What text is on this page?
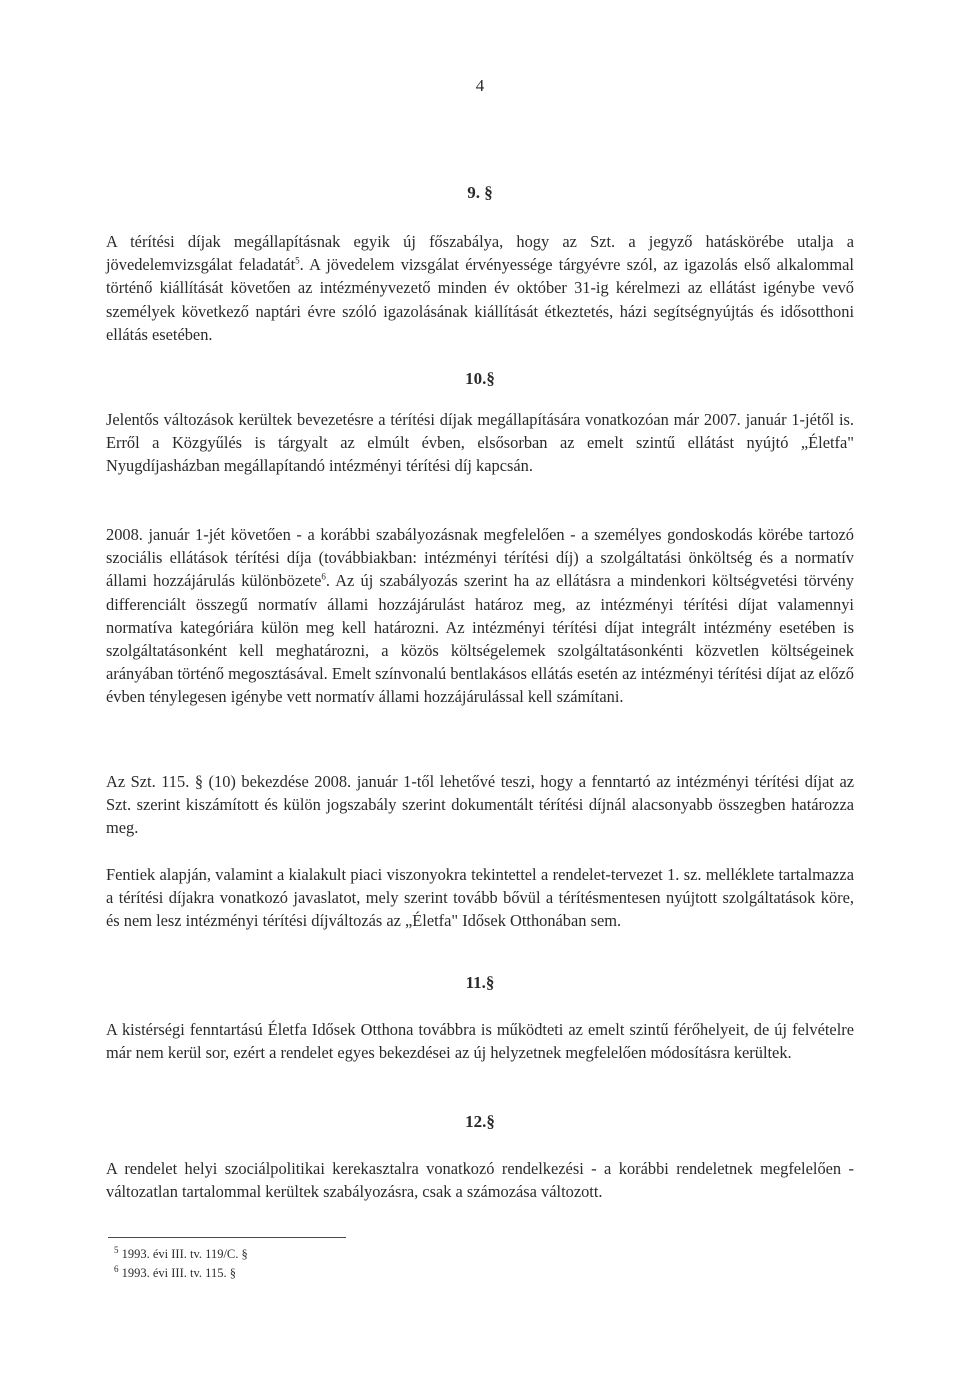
4
9. §

A térítési díjak megállapításnak egyik új főszabálya, hogy az Szt. a jegyző hatáskörébe utalja a jövedelemvizsgálat feladatát$^5$. A jövedelem vizsgálat érvényessége tárgyévre szól, az igazolás első alkalommal történő kiállítását követően az intézményvezető minden év október 31-ig kérelmezi az ellátást igénybe vevő személyek következő naptári évre szóló igazolásának kiállítását étkeztetés, házi segítségnyújtás és idősotthoni ellátás esetében.

10.§

Jelentős változások kerültek bevezetésre a térítési díjak megállapítására vonatkozóan már 2007. január 1-jétől is. Erről a Közgyűlés is tárgyalt az elmúlt évben, elsősorban az emelt szintű ellátást nyújtó „Életfa" Nyugdíjasházban megállapítandó intézményi térítési díj kapcsán.

2008. január 1-jét követően - a korábbi szabályozásnak megfelelően - a személyes gondoskodás körébe tartozó szociális ellátások térítési díja (továbbiakban: intézményi térítési díj) a szolgáltatási önköltség és a normatív állami hozzájárulás különbözete$^6$. Az új szabályozás szerint ha az ellátásra a mindenkori költségvetési törvény differenciált összegű normatív állami hozzájárulást határoz meg, az intézményi térítési díjat valamennyi normatíva kategóriára külön meg kell határozni. Az intézményi térítési díjat integrált intézmény esetében is szolgáltatásonként kell meghatározni, a közös költségelemek szolgáltatásonkénti közvetlen költségeinek arányában történő megosztásával. Emelt színvonalú bentlakásos ellátás esetén az intézményi térítési díjat az előző évben ténylegesen igénybe vett normatív állami hozzájárulással kell számítani.

Az Szt. 115. § (10) bekezdése 2008. január 1-től lehetővé teszi, hogy a fenntartó az intézményi térítési díjat az Szt. szerint kiszámított és külön jogszabály szerint dokumentált térítési díjnál alacsonyabb összegben határozza meg.

Fentiek alapján, valamint a kialakult piaci viszonyokra tekintettel a rendelet-tervezet 1. sz. melléklete tartalmazza a térítési díjakra vonatkozó javaslatot, mely szerint tovább bővül a térítésmentesen nyújtott szolgáltatások köre, és nem lesz intézményi térítési díjváltozás az „Életfa" Idősek Otthonában sem.

11.§

A kistérségi fenntartású Életfa Idősek Otthona továbbra is működteti az emelt szintű férőhelyeit, de új felvételre már nem kerül sor, ezért a rendelet egyes bekezdései az új helyzetnek megfelelően módosításra kerültek.

12.§

A rendelet helyi szociálpolitikai kerekasztalra vonatkozó rendelkezési - a korábbi rendeletnek megfelelően - változatlan tartalommal kerültek szabályozásra, csak a számozása változott.

$^5$ 1993. évi III. tv. 119/C. §

$^6$ 1993. évi III. tv. 115. §
